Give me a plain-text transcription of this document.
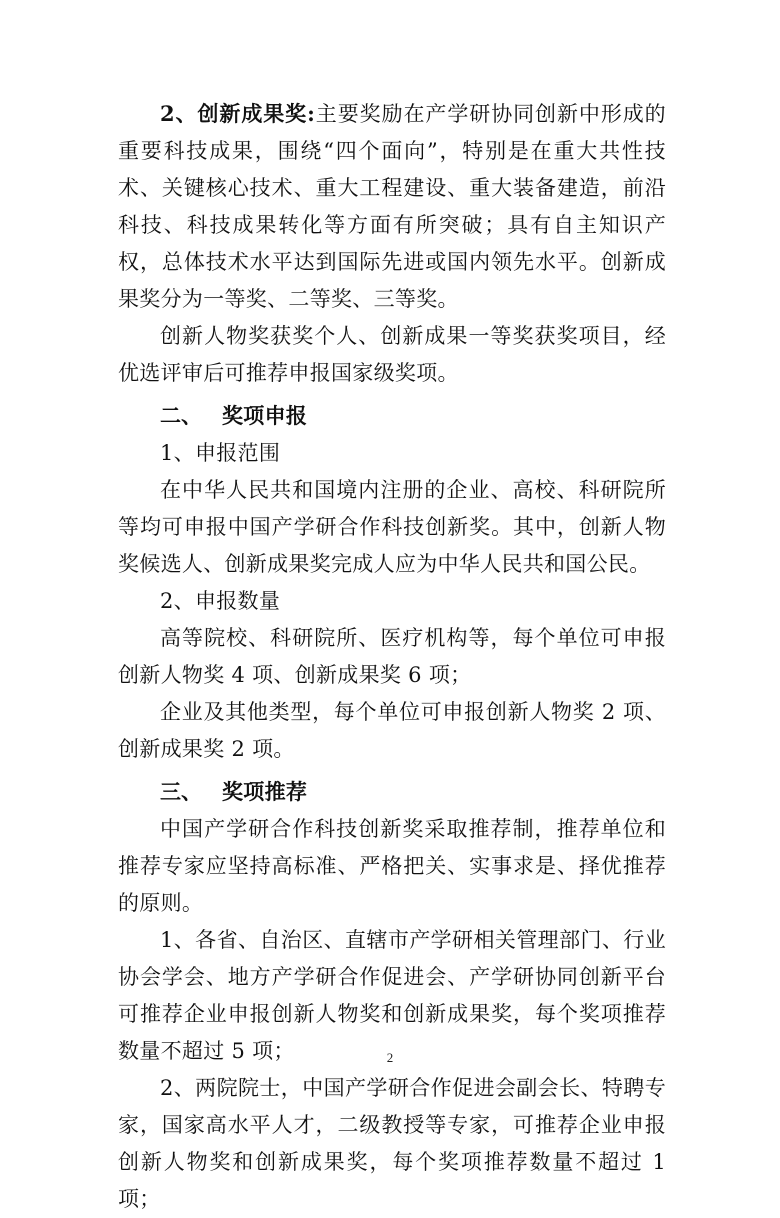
2、创新成果奖:主要奖励在产学研协同创新中形成的重要科技成果，围绕“四个面向”，特别是在重大共性技术、关键核心技术、重大工程建设、重大装备建造，前沿科技、科技成果转化等方面有所突破；具有自主知识产权，总体技术水平达到国际先进或国内领先水平。创新成果奖分为一等奖、二等奖、三等奖。

创新人物奖获奖个人、创新成果一等奖获奖项目，经优选评审后可推荐申报国家级奖项。

二、 奖项申报

1、申报范围

在中华人民共和国境内注册的企业、高校、科研院所等均可申报中国产学研合作科技创新奖。其中，创新人物奖候选人、创新成果奖完成人应为中华人民共和国公民。

2、申报数量

高等院校、科研院所、医疗机构等，每个单位可申报创新人物奖 4 项、创新成果奖 6 项；

企业及其他类型，每个单位可申报创新人物奖 2 项、创新成果奖 2 项。

三、 奖项推荐

中国产学研合作科技创新奖采取推荐制，推荐单位和推荐专家应坚持高标准、严格把关、实事求是、择优推荐的原则。

1、各省、自治区、直辖市产学研相关管理部门、行业协会学会、地方产学研合作促进会、产学研协同创新平台可推荐企业申报创新人物奖和创新成果奖，每个奖项推荐数量不超过 5 项；

2、两院院士，中国产学研合作促进会副会长、特聘专家，国家高水平人才，二级教授等专家，可推荐企业申报创新人物奖和创新成果奖，每个奖项推荐数量不超过 1 项；

2
